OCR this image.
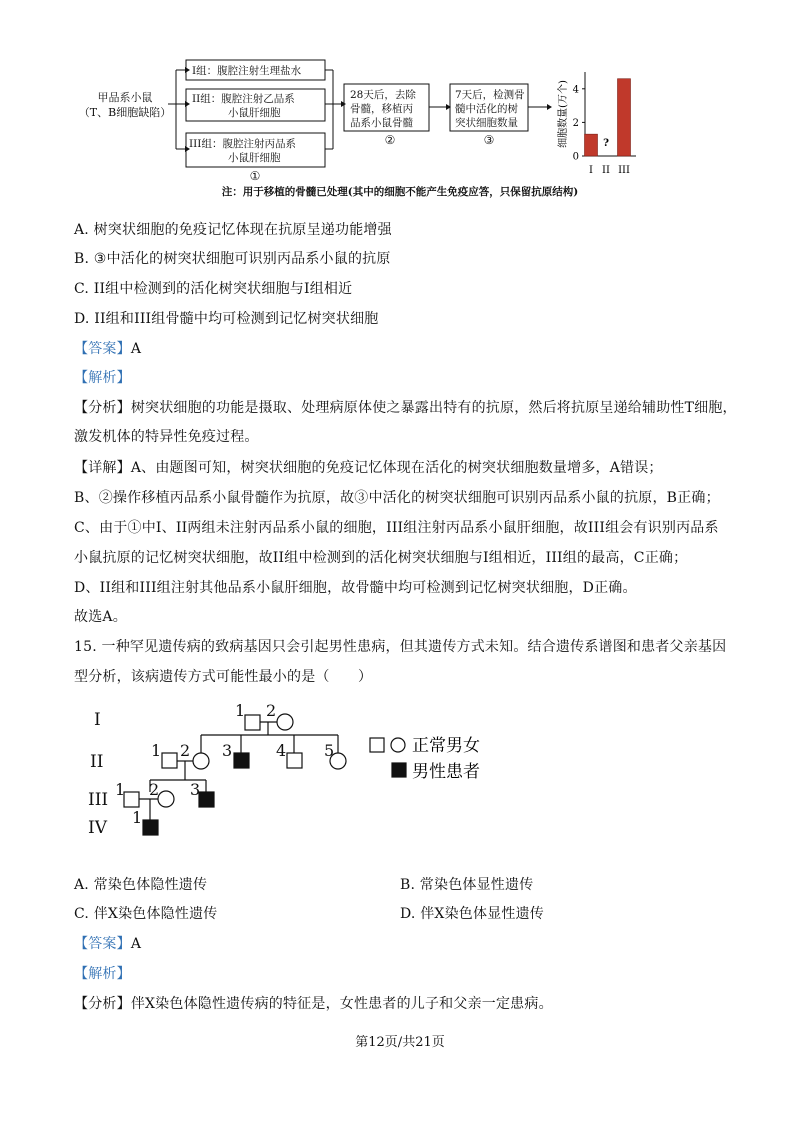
甲品系小鼠
（T、B细胞缺陷）
I组：腹腔注射生理盐水
II组：腹腔注射乙品系
小鼠肝细胞
III组：腹腔注射丙品系
小鼠肝细胞
①
28天后，去除
骨髓，移植丙
品系小鼠骨髓
②
7天后，检测骨
髓中活化的树
突状细胞数量
③
注：用于移植的骨髓已处理(其中的细胞不能产生免疫应答，只保留抗原结构)
细胞数量(万个)
0
2
4
?
I II III
A. 树突状细胞的免疫记忆体现在抗原呈递功能增强
B. ③中活化的树突状细胞可识别丙品系小鼠的抗原
C. II组中检测到的活化树突状细胞与I组相近
D. II组和III组骨髓中均可检测到记忆树突状细胞
【答案】A
【解析】
【分析】树突状细胞的功能是摄取、处理病原体使之暴露出特有的抗原，然后将抗原呈递给辅助性T细胞，
激发机体的特异性免疫过程。
【详解】A、由题图可知，树突状细胞的免疫记忆体现在活化的树突状细胞数量增多，A错误；
B、②操作移植丙品系小鼠骨髓作为抗原，故③中活化的树突状细胞可识别丙品系小鼠的抗原，B正确；
C、由于①中I、II两组未注射丙品系小鼠的细胞，III组注射丙品系小鼠肝细胞，故III组会有识别丙品系
小鼠抗原的记忆树突状细胞，故II组中检测到的活化树突状细胞与I组相近，III组的最高，C正确；
D、II组和III组注射其他品系小鼠肝细胞，故骨髓中均可检测到记忆树突状细胞，D正确。
故选A。
15. 一种罕见遗传病的致病基因只会引起男性患病，但其遗传方式未知。结合遗传系谱图和患者父亲基因
型分析，该病遗传方式可能性最小的是（　　）
I
II
III
IV
1 2
1 2 3	4 5
1 2 3
1
正常男女
男性患者
A. 常染色体隐性遗传	B. 常染色体显性遗传
C. 伴X染色体隐性遗传	D. 伴X染色体显性遗传
【答案】A
【解析】
【分析】伴X染色体隐性遗传病的特征是，女性患者的儿子和父亲一定患病。
第12页/共21页
